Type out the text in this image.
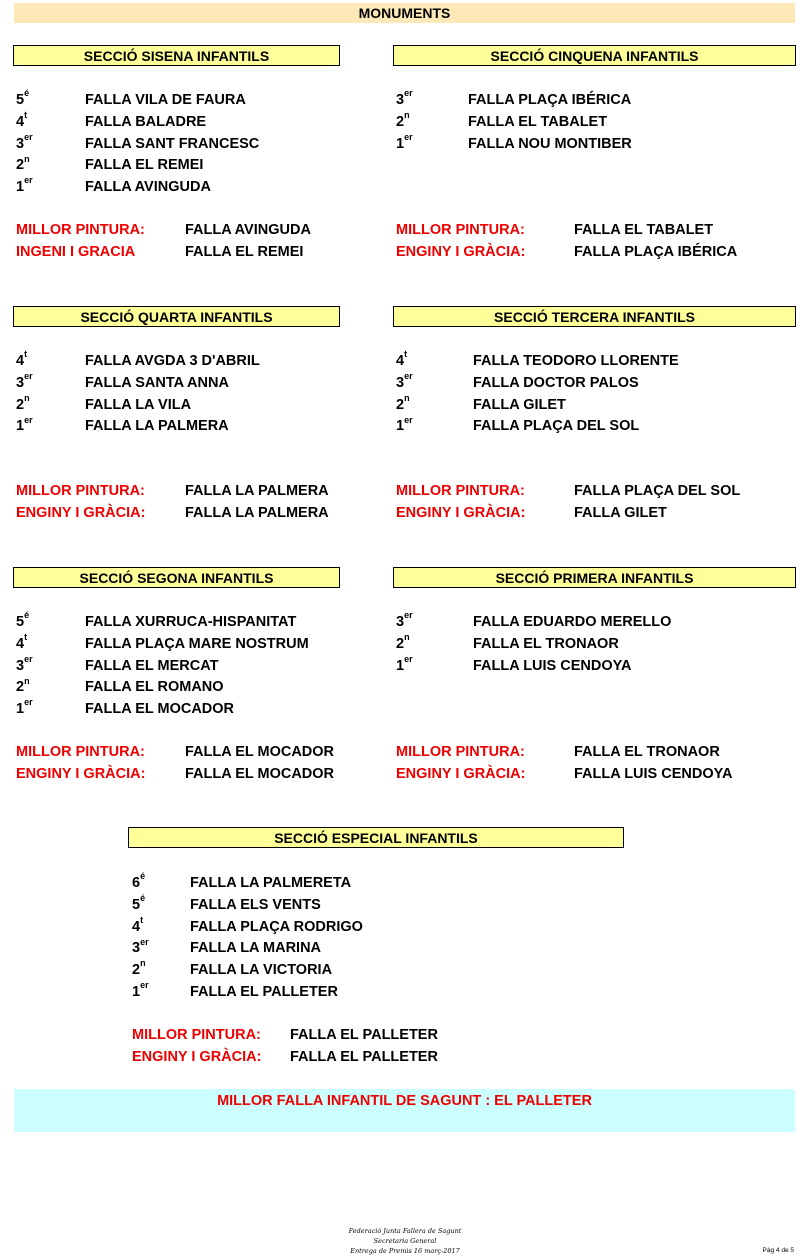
MONUMENTS
SECCIÓ SISENA INFANTILS
$5^é$	FALLA VILA DE FAURA
4$^t$	FALLA BALADRE
3er	FALLA SANT FRANCESC
2$^n$	FALLA EL REMEI
1er	FALLA AVINGUDA
MILLOR PINTURA:	FALLA AVINGUDA
INGENI I GRACIA	FALLA EL REMEI
SECCIÓ CINQUENA INFANTILS
3er	FALLA PLAÇA IBÉRICA
2$^n$	FALLA EL TABALET
1er	FALLA NOU MONTIBER
MILLOR PINTURA:	FALLA EL TABALET
ENGINY I GRÀCIA:	FALLA PLAÇA IBÉRICA
SECCIÓ QUARTA INFANTILS
4$^t$	FALLA AVGDA 3 D'ABRIL
3er	FALLA SANTA ANNA
2$^n$	FALLA LA VILA
1er	FALLA LA PALMERA
MILLOR PINTURA:	FALLA LA PALMERA
ENGINY I GRÀCIA:	FALLA LA PALMERA
SECCIÓ TERCERA INFANTILS
4$^t$	FALLA TEODORO LLORENTE
3er	FALLA DOCTOR PALOS
2$^n$	FALLA GILET
1er	FALLA PLAÇA DEL SOL
MILLOR PINTURA:	FALLA PLAÇA DEL SOL
ENGINY I GRÀCIA:	FALLA GILET
SECCIÓ SEGONA INFANTILS
$5^é$	FALLA XURRUCA-HISPANITAT
4$^t$	FALLA PLAÇA MARE NOSTRUM
3er	FALLA EL MERCAT
2$^n$	FALLA EL ROMANO
1er	FALLA EL MOCADOR
MILLOR PINTURA:	FALLA EL MOCADOR
ENGINY I GRÀCIA:	FALLA EL MOCADOR
SECCIÓ PRIMERA INFANTILS
3er	FALLA EDUARDO MERELLO
2$^n$	FALLA EL TRONAOR
1er	FALLA LUIS CENDOYA
MILLOR PINTURA:	FALLA EL TRONAOR
ENGINY I GRÀCIA:	FALLA LUIS CENDOYA
SECCIÓ ESPECIAL INFANTILS
$6^é$	FALLA LA PALMERETA
$5^é$	FALLA ELS VENTS
4$^t$	FALLA PLAÇA RODRIGO
3er	FALLA LA MARINA
2$^n$	FALLA LA VICTORIA
1er	FALLA EL PALLETER
MILLOR PINTURA: FALLA EL PALLETER
ENGINY I GRÀCIA: FALLA EL PALLETER
MILLOR FALLA INFANTIL DE SAGUNT : EL PALLETER
Federació Junta Fallera de Sagunt
Secretaria General
Entrega de Premis 16 març-2017	Pàg 4 de 5
